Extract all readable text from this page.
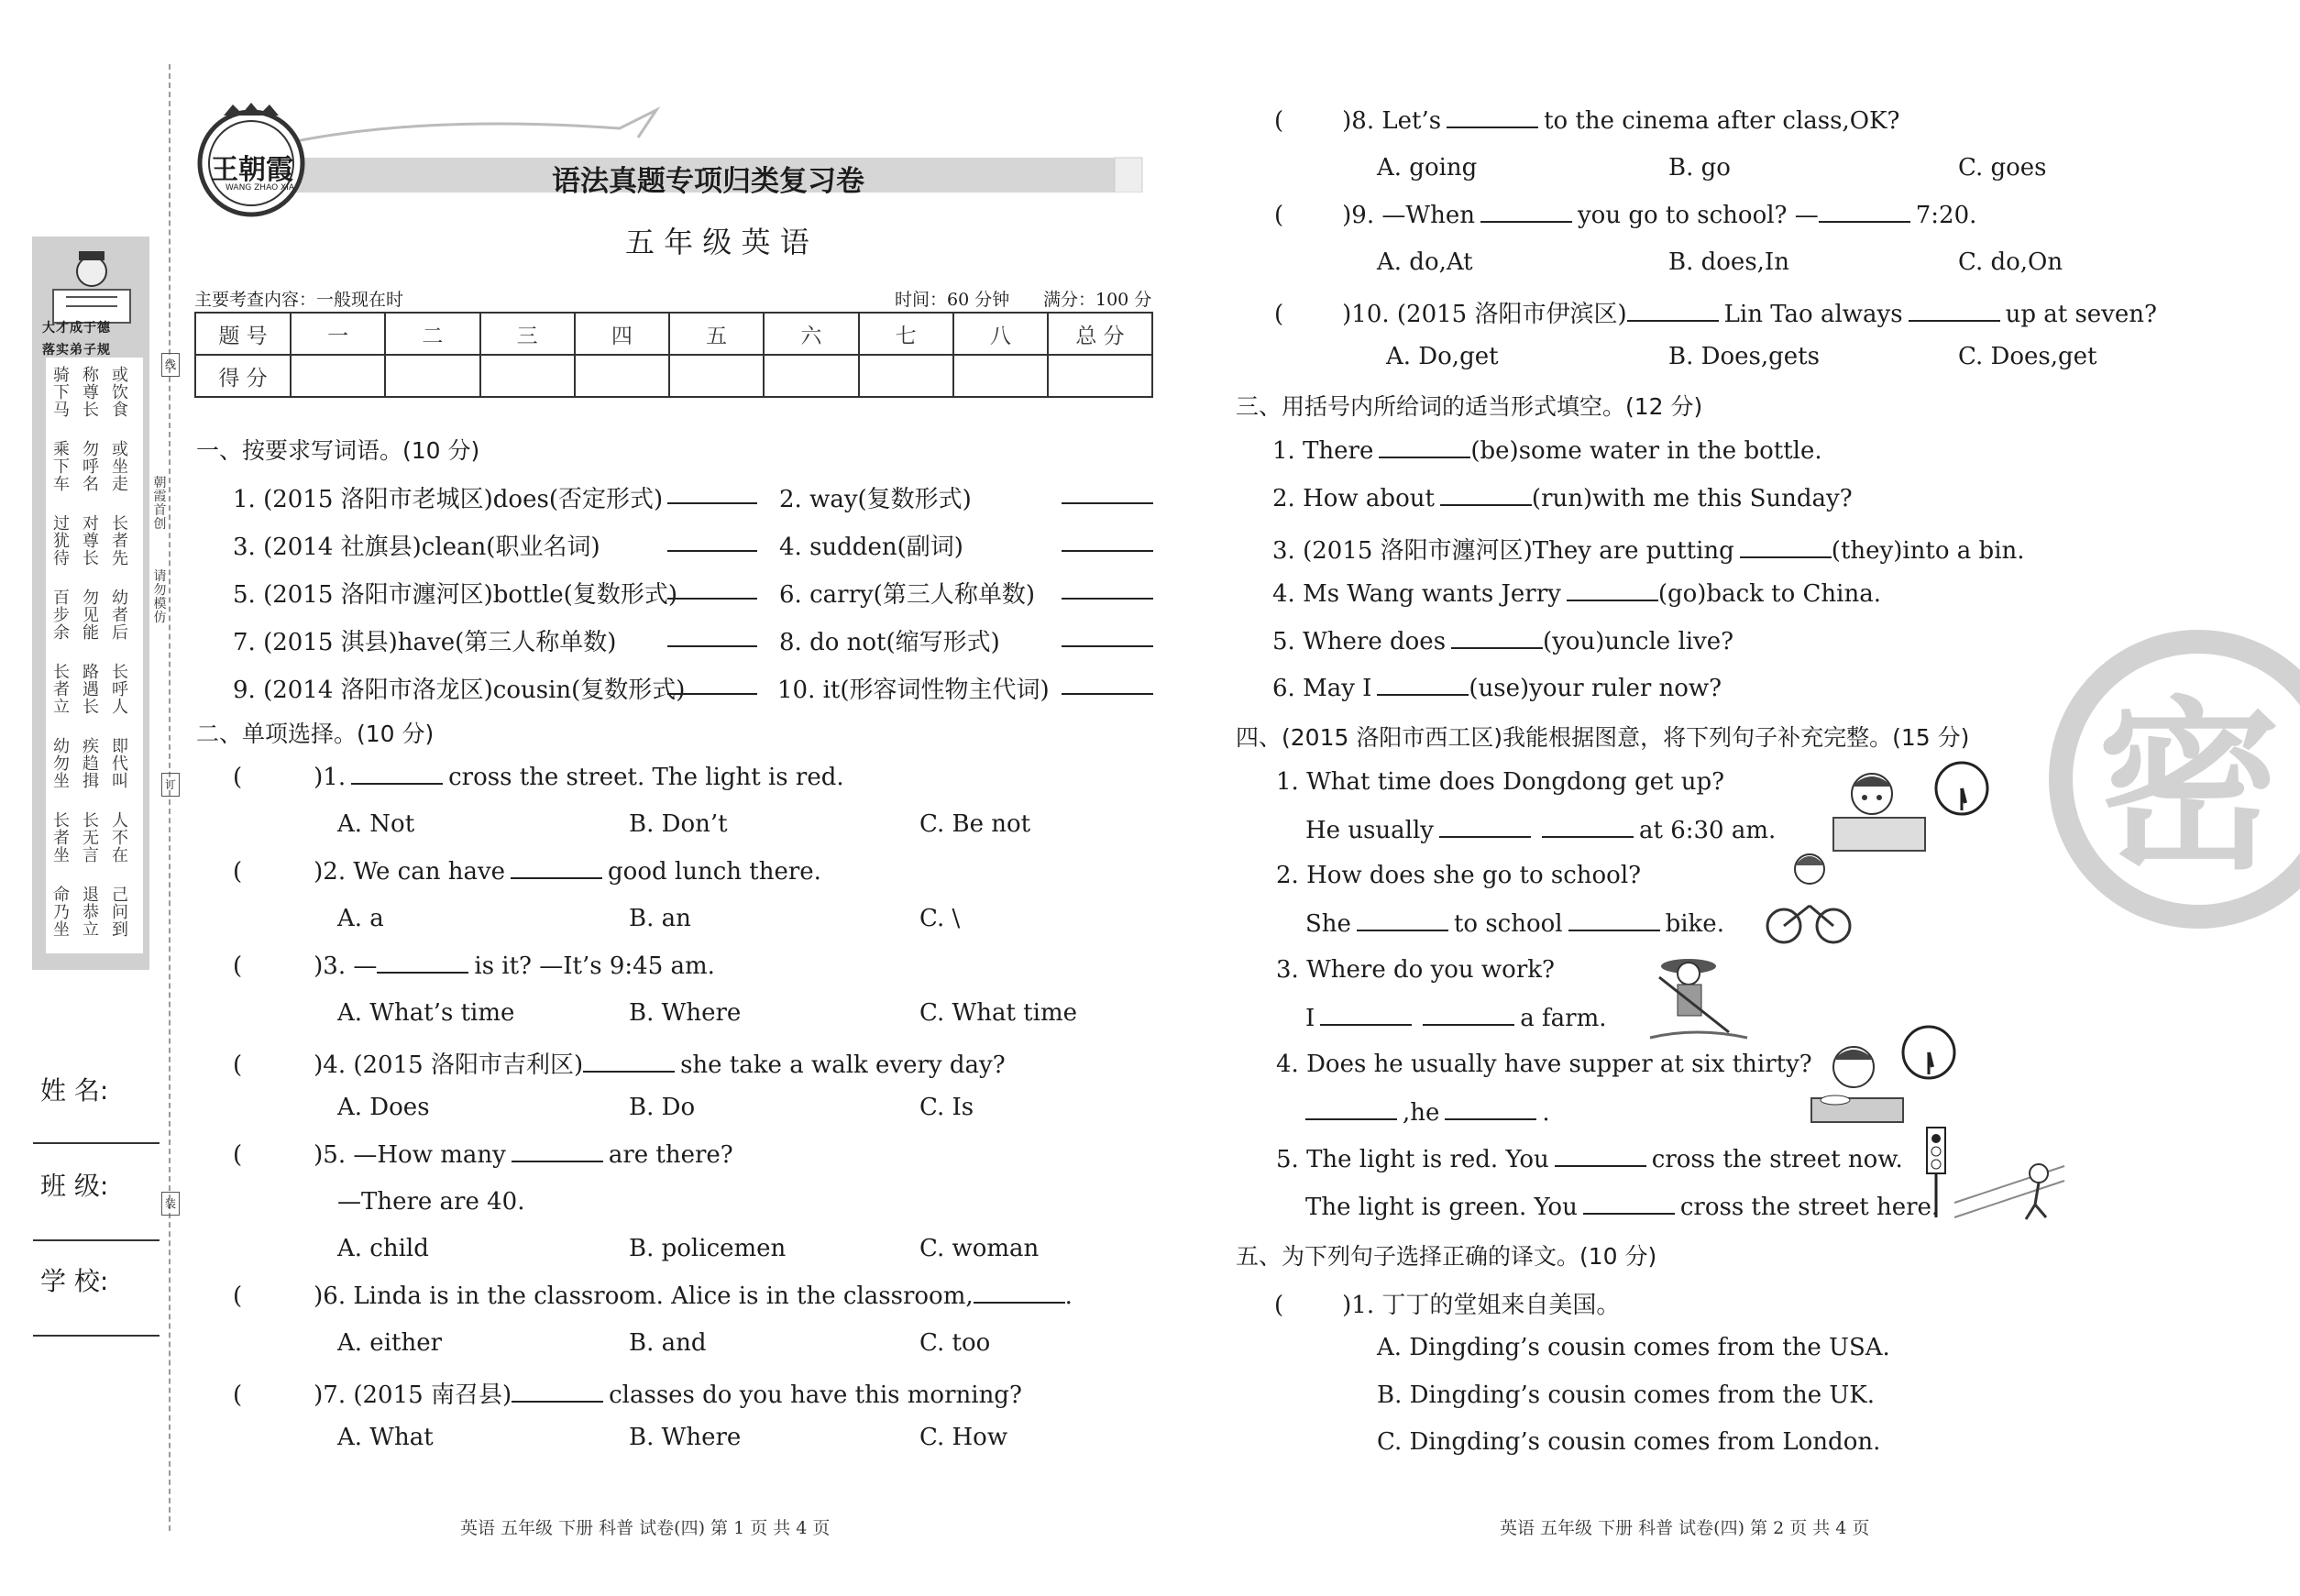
大才成于德
落实弟子规
骑下马
称尊长
或饮食
乘下车
勿呼名
或坐走
过犹待
对尊长
长者先
百步余
勿见能
幼者后
长者立
路遇长
长呼人
幼勿坐
疾趋揖
即代叫
长者坐
长无言
人不在
命乃坐
退恭立
己问到
朝霞首创
请勿模仿
线
订
装
姓 名:
班 级:
学 校:
王朝霞
WANG ZHAO XIA	语法真题专项归类复习卷
五 年 级 英 语
主要考查内容：一般现在时	时间：60 分钟 满分：100 分
题 号	一	二	三	四	五	六	七	八	总 分
得 分									
一、按要求写词语。(10 分)
1. (2015 洛阳市老城区)does(否定形式)	2. way(复数形式)
3. (2014 社旗县)clean(职业名词)	4. sudden(副词)
5. (2015 洛阳市瀍河区)bottle(复数形式)	6. carry(第三人称单数)
7. (2015 淇县)have(第三人称单数)	8. do not(缩写形式)
9. (2014 洛阳市洛龙区)cousin(复数形式)	10. it(形容词性物主代词)
二、单项选择。(10 分)
(	)1.	cross the street. The light is red.
A. Not	B. Don’t	C. Be not
(	)2. We can have	good lunch there.
A. a	B. an	C. \
(	)3. —	is it? —It’s 9:45 am.
A. What’s time	B. Where	C. What time
(	)4. (2015 洛阳市吉利区)	she take a walk every day?
A. Does	B. Do	C. Is
(	)5. —How many	are there?
—There are 40.
A. child	B. policemen	C. woman
(	)6. Linda is in the classroom. Alice is in the classroom,	.
A. either	B. and	C. too
(	)7. (2015 南召县)	classes do you have this morning?
A. What	B. Where	C. How
英语 五年级 下册 科普 试卷(四) 第 1 页 共 4 页
( )8. Let’s	to the cinema after class,OK?
A. going	B. go	C. goes
( )9. —When	you go to school? —	7:20.
A. do,At	B. does,In	C. do,On
( )10. (2015 洛阳市伊滨区)	Lin Tao always	up at seven?
A. Do,get	B. Does,gets	C. Does,get
三、用括号内所给词的适当形式填空。(12 分)
1. There	(be)some water in the bottle.
2. How about	(run)with me this Sunday?
3. (2015 洛阳市瀍河区)They are putting	(they)into a bin.
4. Ms Wang wants Jerry	(go)back to China.
5. Where does	(you)uncle live?
6. May I	(use)your ruler now?
四、(2015 洛阳市西工区)我能根据图意，将下列句子补充完整。(15 分)
1. What time does Dongdong get up?
He usually	at 6:30 am.
2. How does she go to school?
She	to school	bike.
3. Where do you work?
I	a farm.
4. Does he usually have supper at six thirty?
,he	.
5. The light is red. You	cross the street now.
The light is green. You	cross the street here.
密
五、为下列句子选择正确的译文。(10 分)
( )1. 丁丁的堂姐来自美国。
A. Dingding’s cousin comes from the USA.
B. Dingding’s cousin comes from the UK.
C. Dingding’s cousin comes from London.
英语 五年级 下册 科普 试卷(四) 第 2 页 共 4 页
